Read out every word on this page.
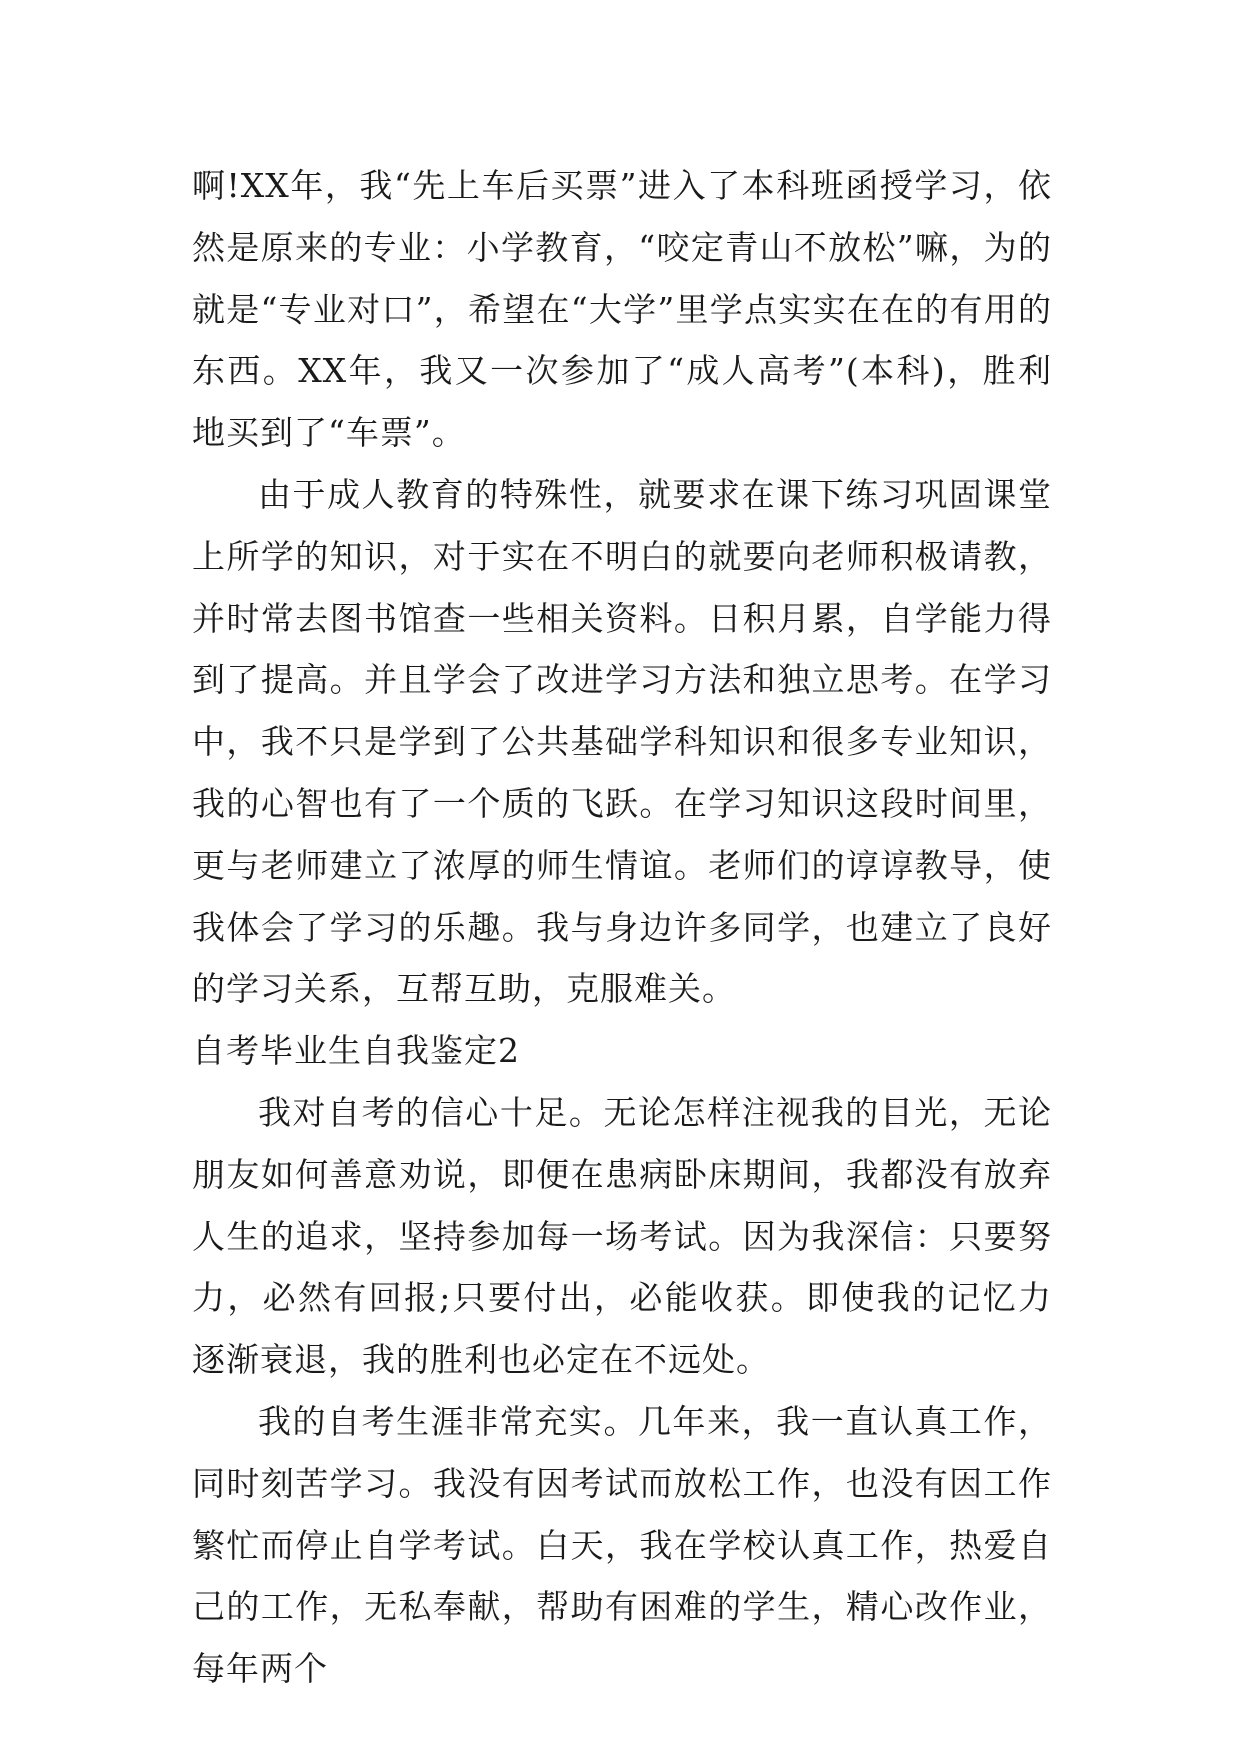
啊!XX年，我“先上车后买票”进入了本科班函授学习，依然是原来的专业：小学教育，“咬定青山不放松”嘛，为的就是“专业对口”，希望在“大学”里学点实实在在的有用的东西。XX年，我又一次参加了“成人高考”(本科)，胜利地买到了“车票”。

由于成人教育的特殊性，就要求在课下练习巩固课堂上所学的知识，对于实在不明白的就要向老师积极请教，并时常去图书馆查一些相关资料。日积月累，自学能力得到了提高。并且学会了改进学习方法和独立思考。在学习中，我不只是学到了公共基础学科知识和很多专业知识，我的心智也有了一个质的飞跃。在学习知识这段时间里，更与老师建立了浓厚的师生情谊。老师们的谆谆教导，使我体会了学习的乐趣。我与身边许多同学，也建立了良好的学习关系，互帮互助，克服难关。

自考毕业生自我鉴定2

我对自考的信心十足。无论怎样注视我的目光，无论朋友如何善意劝说，即便在患病卧床期间，我都没有放弃人生的追求，坚持参加每一场考试。因为我深信：只要努力，必然有回报;只要付出，必能收获。即使我的记忆力逐渐衰退，我的胜利也必定在不远处。

我的自考生涯非常充实。几年来，我一直认真工作，同时刻苦学习。我没有因考试而放松工作，也没有因工作繁忙而停止自学考试。白天，我在学校认真工作，热爱自己的工作，无私奉献，帮助有困难的学生，精心改作业，每年两个
